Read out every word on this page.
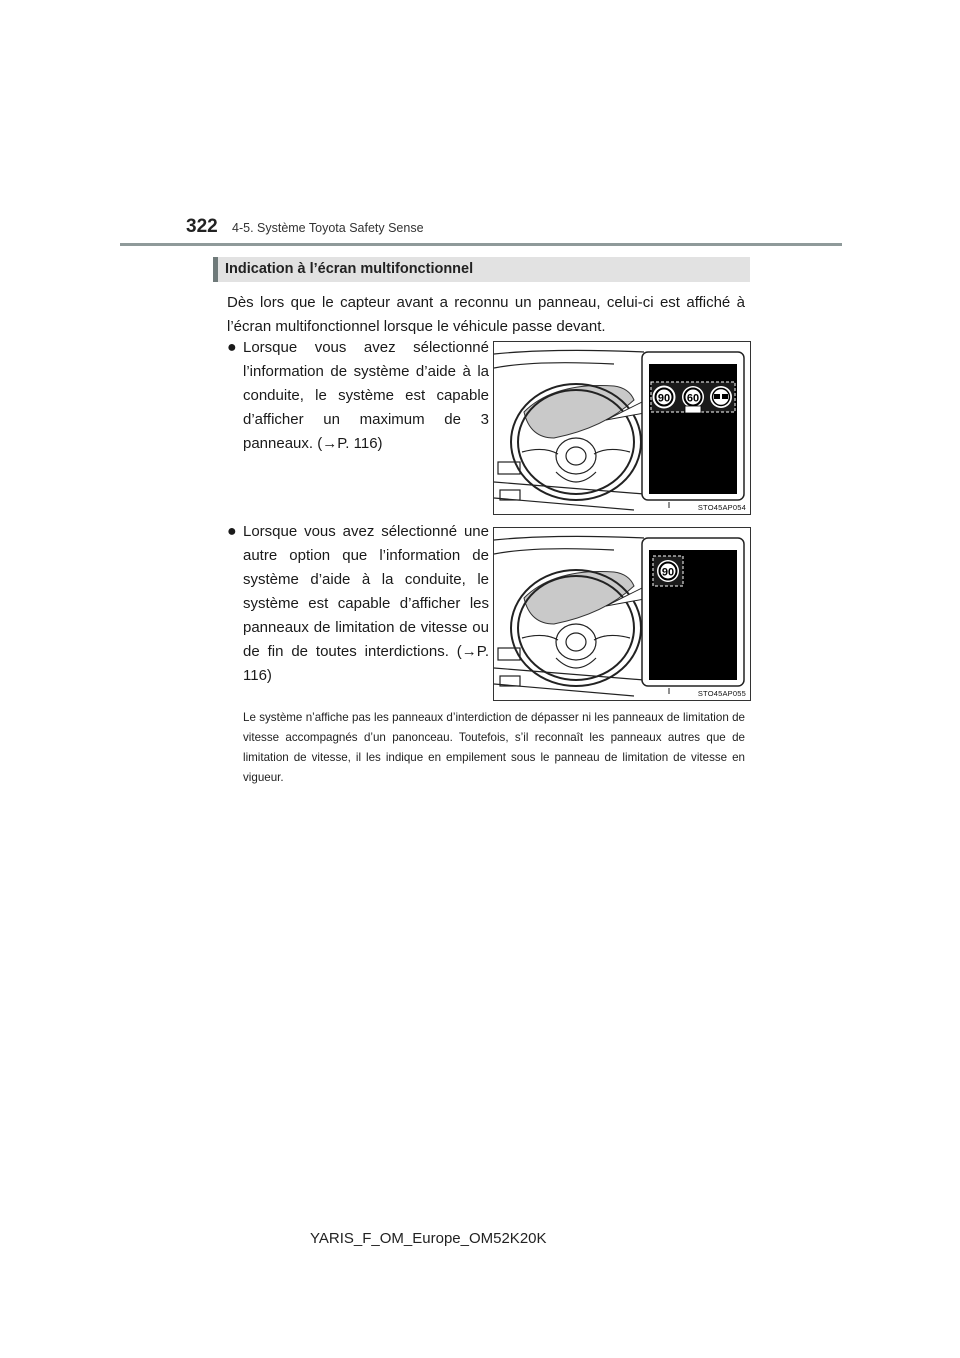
322 4-5. Système Toyota Safety Sense
Indication à l’écran multifonctionnel

Dès lors que le capteur avant a reconnu un panneau, celui-ci est affiché à l’écran multifonctionnel lorsque le véhicule passe devant.

● Lorsque vous avez sélectionné l’information de système d’aide à la conduite, le système est capable d’afficher un maximum de 3 panneaux. (→P. 116)
90 60
STO45AP054
● Lorsque vous avez sélectionné une autre option que l’information de système d’aide à la conduite, le système est capable d’afficher les panneaux de limitation de vitesse ou de fin de toutes interdictions. (→P. 116)
90
STO45AP055

Le système n’affiche pas les panneaux d’interdiction de dépasser ni les panneaux de limitation de vitesse accompagnés d’un panonceau. Toutefois, s’il reconnaît les panneaux autres que de limitation de vitesse, il les indique en empilement sous le panneau de limitation de vitesse en vigueur.

YARIS_F_OM_Europe_OM52K20K
